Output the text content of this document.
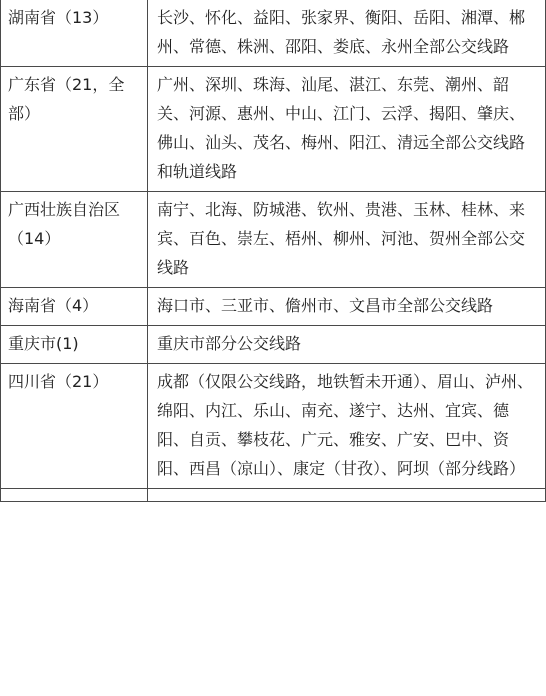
湖南省（13）	长沙、怀化、益阳、张家界、衡阳、岳阳、湘潭、郴州、常德、株洲、邵阳、娄底、永州全部公交线路
广东省（21，全部）	广州、深圳、珠海、汕尾、湛江、东莞、潮州、韶关、河源、惠州、中山、江门、云浮、揭阳、肇庆、佛山、汕头、茂名、梅州、阳江、清远全部公交线路和轨道线路
广西壮族自治区（14）	南宁、北海、防城港、钦州、贵港、玉林、桂林、来宾、百色、崇左、梧州、柳州、河池、贺州全部公交线路
海南省（4）	海口市、三亚市、儋州市、文昌市全部公交线路
重庆市(1)	重庆市部分公交线路
四川省（21）	成都（仅限公交线路，地铁暂未开通）、眉山、泸州、绵阳、内江、乐山、南充、遂宁、达州、宜宾、德阳、自贡、攀枝花、广元、雅安、广安、巴中、资阳、西昌（凉山）、康定（甘孜）、阿坝（部分线路）
